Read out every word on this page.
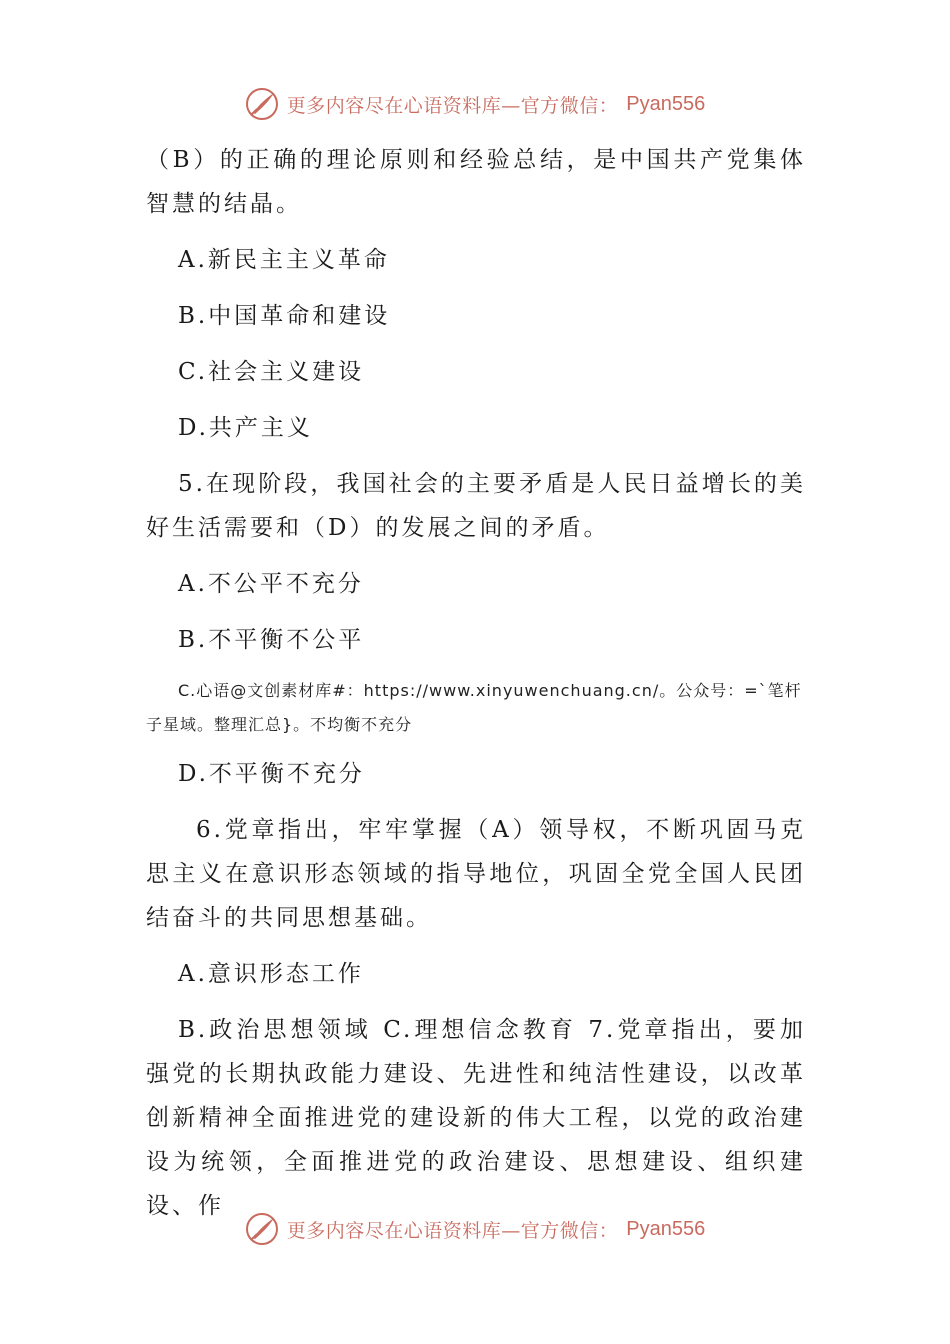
更多内容尽在心语资料库—官方微信： Pyan556

（B）的正确的理论原则和经验总结，是中国共产党集体智慧的结晶。

A.新民主主义革命

B.中国革命和建设

C.社会主义建设

D.共产主义

5.在现阶段，我国社会的主要矛盾是人民日益增长的美好生活需要和（D）的发展之间的矛盾。

A.不公平不充分

B.不平衡不公平

C.心语@文创素材库#：https://www.xinyuwenchuang.cn/。公众号：=`笔杆子星域。整理汇总}。不均衡不充分

D.不平衡不充分

6.党章指出，牢牢掌握（A）领导权，不断巩固马克思主义在意识形态领域的指导地位，巩固全党全国人民团结奋斗的共同思想基础。

A.意识形态工作

B.政治思想领域 C.理想信念教育 7.党章指出，要加强党的长期执政能力建设、先进性和纯洁性建设，以改革创新精神全面推进党的建设新的伟大工程，以党的政治建设为统领，全面推进党的政治建设、思想建设、组织建设、作

更多内容尽在心语资料库—官方微信： Pyan556
